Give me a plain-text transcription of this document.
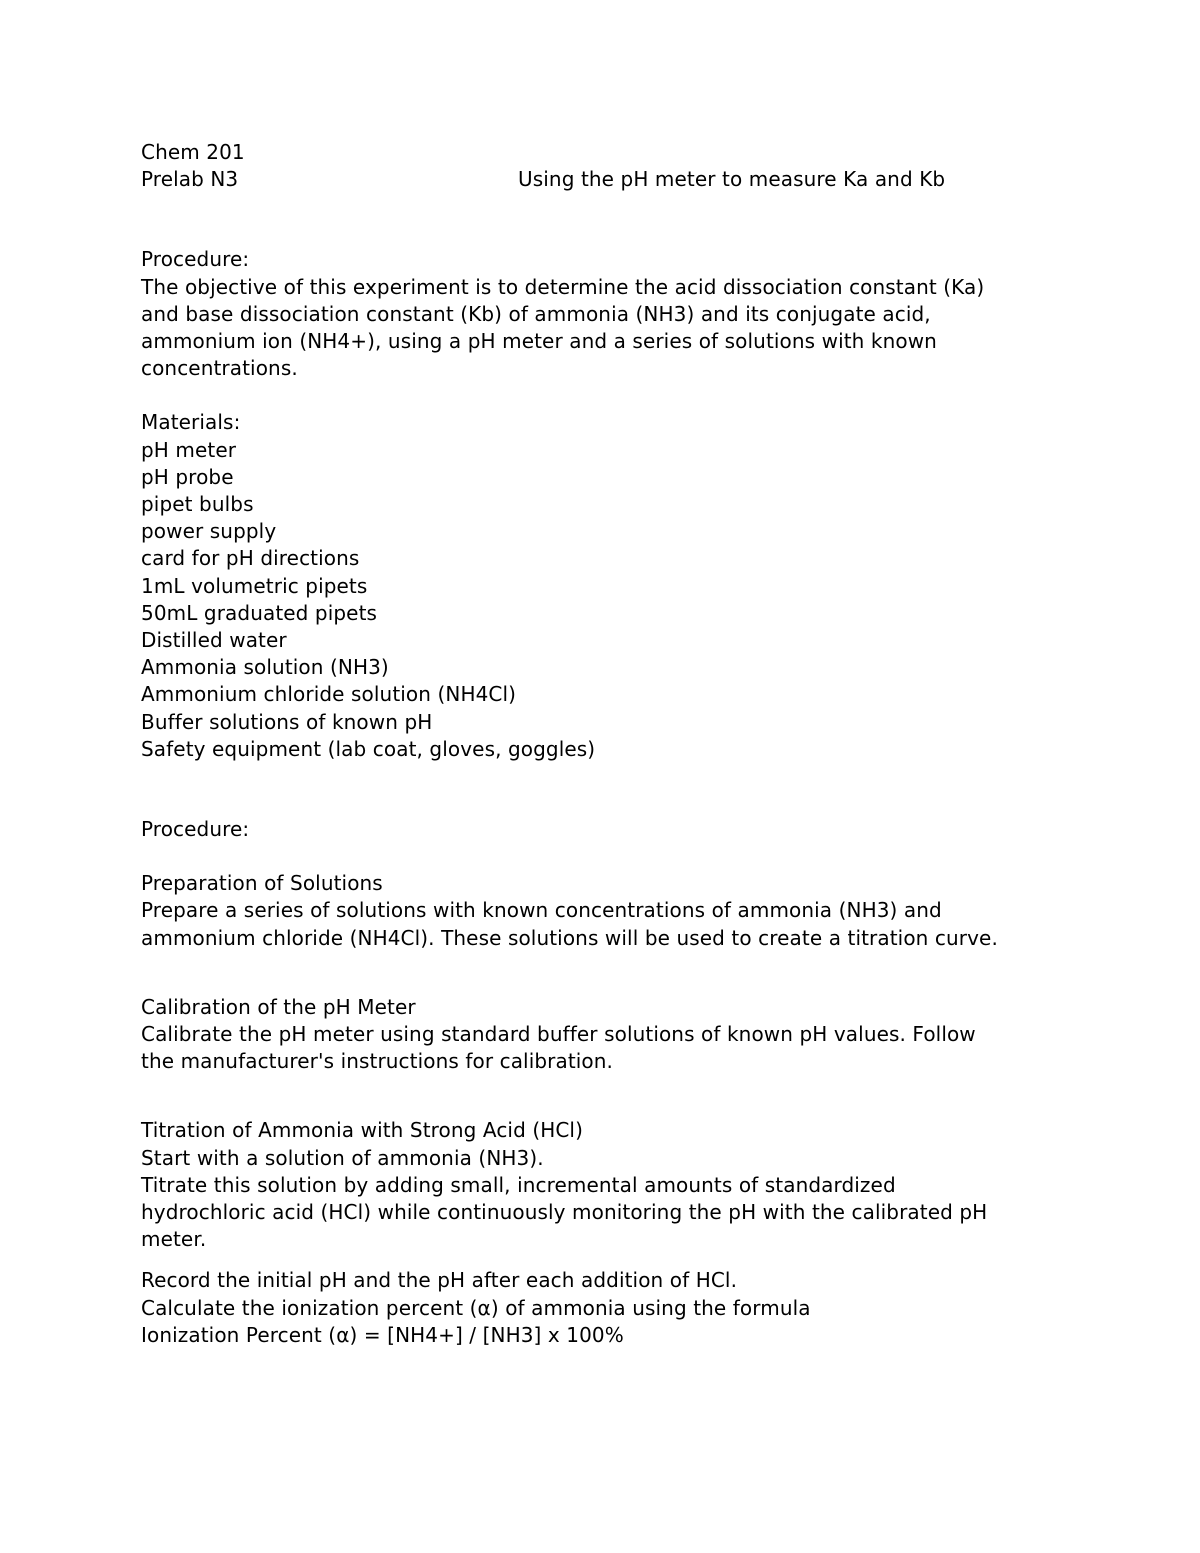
Chem 201
Prelab N3	Using the pH meter to measure Ka and Kb
Procedure:
The objective of this experiment is to determine the acid dissociation constant (Ka)
and base dissociation constant (Kb) of ammonia (NH3) and its conjugate acid,
ammonium ion (NH4+), using a pH meter and a series of solutions with known
concentrations.
Materials:
pH meter
pH probe
pipet bulbs
power supply
card for pH directions
1mL volumetric pipets
50mL graduated pipets
Distilled water
Ammonia solution (NH3)
Ammonium chloride solution (NH4Cl)
Buffer solutions of known pH
Safety equipment (lab coat, gloves, goggles)
Procedure:
Preparation of Solutions
Prepare a series of solutions with known concentrations of ammonia (NH3) and
ammonium chloride (NH4Cl). These solutions will be used to create a titration curve.
Calibration of the pH Meter
Calibrate the pH meter using standard buffer solutions of known pH values. Follow
the manufacturer's instructions for calibration.
Titration of Ammonia with Strong Acid (HCl)
Start with a solution of ammonia (NH3).
Titrate this solution by adding small, incremental amounts of standardized
hydrochloric acid (HCl) while continuously monitoring the pH with the calibrated pH
meter.
Record the initial pH and the pH after each addition of HCl.
Calculate the ionization percent (α) of ammonia using the formula
Ionization Percent (α) = [NH4+] / [NH3] x 100%
